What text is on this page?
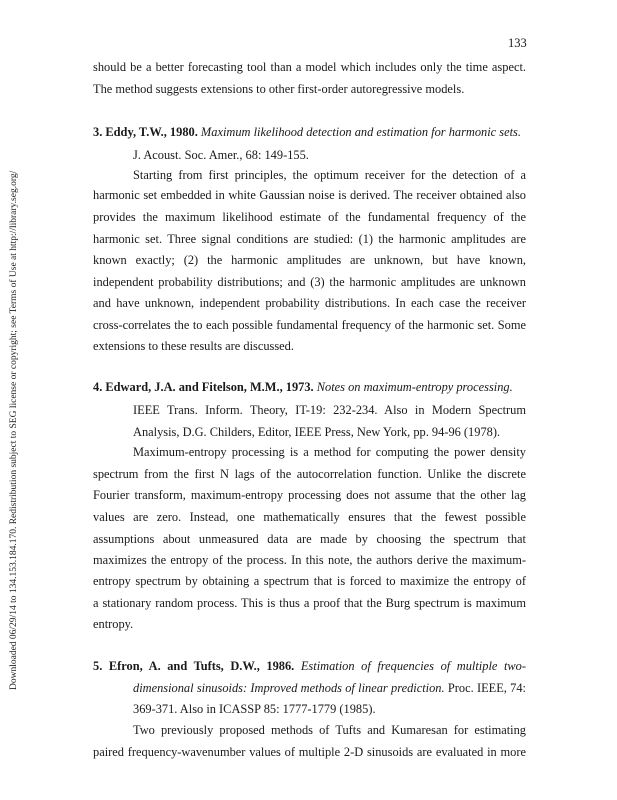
133
Downloaded 06/29/14 to 134.153.184.170. Redistribution subject to SEG license or copyright; see Terms of Use at http://library.seg.org/
should be a better forecasting tool than a model which includes only the time aspect.
The method suggests extensions to other first-order autoregressive models.
3. Eddy, T.W., 1980. Maximum likelihood detection and estimation for harmonic sets.
J. Acoust. Soc. Amer., 68: 149-155.
Starting from first principles, the optimum receiver for the detection of a
harmonic set embedded in white Gaussian noise is derived. The receiver obtained also
provides the maximum likelihood estimate of the fundamental frequency of the
harmonic set. Three signal conditions are studied: (1) the harmonic amplitudes are
known exactly; (2) the harmonic amplitudes are unknown, but have known,
independent probability distributions; and (3) the harmonic amplitudes are unknown
and have unknown, independent probability distributions. In each case the receiver
cross-correlates the to each possible fundamental frequency of the harmonic set. Some
extensions to these results are discussed.
4. Edward, J.A. and Fitelson, M.M., 1973. Notes on maximum-entropy processing.
IEEE Trans. Inform. Theory, IT-19: 232-234. Also in Modern Spectrum
Analysis, D.G. Childers, Editor, IEEE Press, New York, pp. 94-96 (1978).
Maximum-entropy processing is a method for computing the power density
spectrum from the first N lags of the autocorrelation function. Unlike the discrete
Fourier transform, maximum-entropy processing does not assume that the other lag
values are zero. Instead, one mathematically ensures that the fewest possible
assumptions about unmeasured data are made by choosing the spectrum that
maximizes the entropy of the process. In this note, the authors derive the maximum-
entropy spectrum by obtaining a spectrum that is forced to maximize the entropy of
a stationary random process. This is thus a proof that the Burg spectrum is maximum
entropy.
5. Efron, A. and Tufts, D.W., 1986. Estimation of frequencies of multiple two-
dimensional sinusoids: Improved methods of linear prediction. Proc. IEEE, 74:
369-371. Also in ICASSP 85: 1777-1779 (1985).
Two previously proposed methods of Tufts and Kumaresan for estimating
paired frequency-wavenumber values of multiple 2-D sinusoids are evaluated in more
